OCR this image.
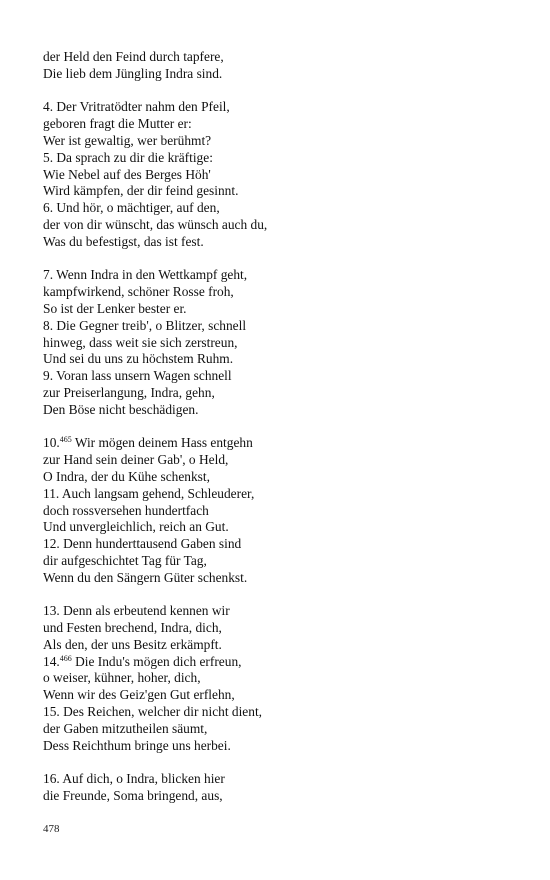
der Held den Feind durch tapfere,
Die lieb dem Jüngling Indra sind.
4. Der Vritratödter nahm den Pfeil,
geboren fragt die Mutter er:
Wer ist gewaltig, wer berühmt?
5. Da sprach zu dir die kräftige:
Wie Nebel auf des Berges Höh'
Wird kämpfen, der dir feind gesinnt.
6. Und hör, o mächtiger, auf den,
der von dir wünscht, das wünsch auch du,
Was du befestigst, das ist fest.
7. Wenn Indra in den Wettkampf geht,
kampfwirkend, schöner Rosse froh,
So ist der Lenker bester er.
8. Die Gegner treib', o Blitzer, schnell
hinweg, dass weit sie sich zerstreun,
Und sei du uns zu höchstem Ruhm.
9. Voran lass unsern Wagen schnell
zur Preiserlangung, Indra, gehn,
Den Böse nicht beschädigen.
10.$^{465}$ Wir mögen deinem Hass entgehn
zur Hand sein deiner Gab', o Held,
O Indra, der du Kühe schenkst,
11. Auch langsam gehend, Schleuderer,
doch rossversehen hundertfach
Und unvergleichlich, reich an Gut.
12. Denn hunderttausend Gaben sind
dir aufgeschichtet Tag für Tag,
Wenn du den Sängern Güter schenkst.
13. Denn als erbeutend kennen wir
und Festen brechend, Indra, dich,
Als den, der uns Besitz erkämpft.
14.$^{466}$ Die Indu's mögen dich erfreun,
o weiser, kühner, hoher, dich,
Wenn wir des Geiz'gen Gut erflehn,
15. Des Reichen, welcher dir nicht dient,
der Gaben mitzutheilen säumt,
Dess Reichthum bringe uns herbei.
16. Auf dich, o Indra, blicken hier
die Freunde, Soma bringend, aus,
478
